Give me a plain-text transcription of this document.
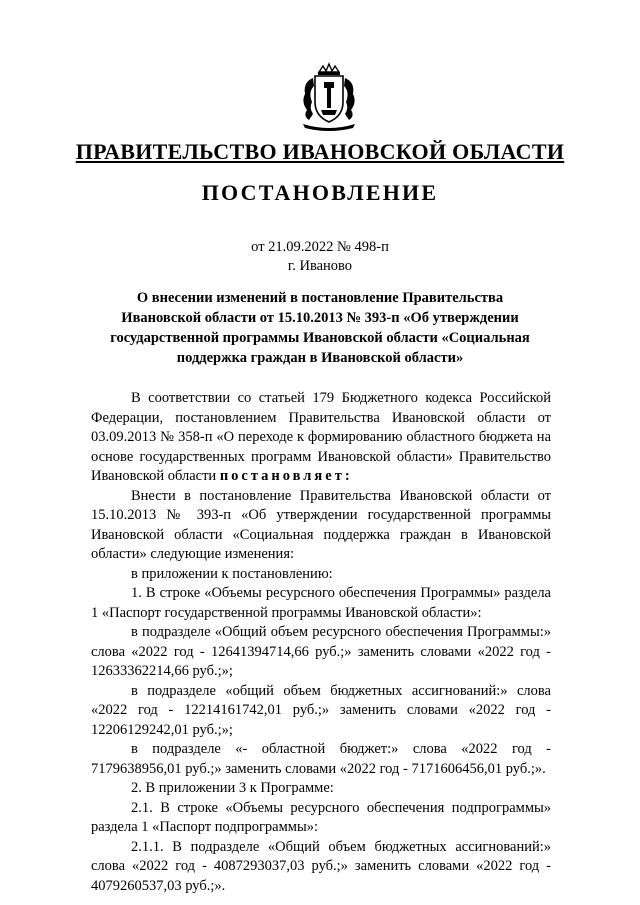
ПРАВИТЕЛЬСТВО ИВАНОВСКОЙ ОБЛАСТИ
ПОСТАНОВЛЕНИЕ
от 21.09.2022 № 498-п
г. Иваново
О внесении изменений в постановление Правительства
Ивановской области от 15.10.2013 № 393-п «Об утверждении
государственной программы Ивановской области «Социальная
поддержка граждан в Ивановской области»

В соответствии со статьей 179 Бюджетного кодекса Российской Федерации, постановлением Правительства Ивановской области от 03.09.2013 № 358-п «О переходе к формированию областного бюджета на основе государственных программ Ивановской области» Правительство Ивановской области постановляет:

Внести в постановление Правительства Ивановской области от 15.10.2013 № 393-п «Об утверждении государственной программы Ивановской области «Социальная поддержка граждан в Ивановской области» следующие изменения:

в приложении к постановлению:

1. В строке «Объемы ресурсного обеспечения Программы» раздела 1 «Паспорт государственной программы Ивановской области»:

в подразделе «Общий объем ресурсного обеспечения Программы:» слова «2022 год - 12641394714,66 руб.;» заменить словами «2022 год - 12633362214,66 руб.;»;

в подразделе «общий объем бюджетных ассигнований:» слова «2022 год - 12214161742,01 руб.;» заменить словами «2022 год - 12206129242,01 руб.;»;

в подразделе «- областной бюджет:» слова «2022 год - 7179638956,01 руб.;» заменить словами «2022 год - 7171606456,01 руб.;».

2. В приложении 3 к Программе:

2.1. В строке «Объемы ресурсного обеспечения подпрограммы» раздела 1 «Паспорт подпрограммы»:

2.1.1. В подразделе «Общий объем бюджетных ассигнований:» слова «2022 год - 4087293037,03 руб.;» заменить словами «2022 год - 4079260537,03 руб.;».
